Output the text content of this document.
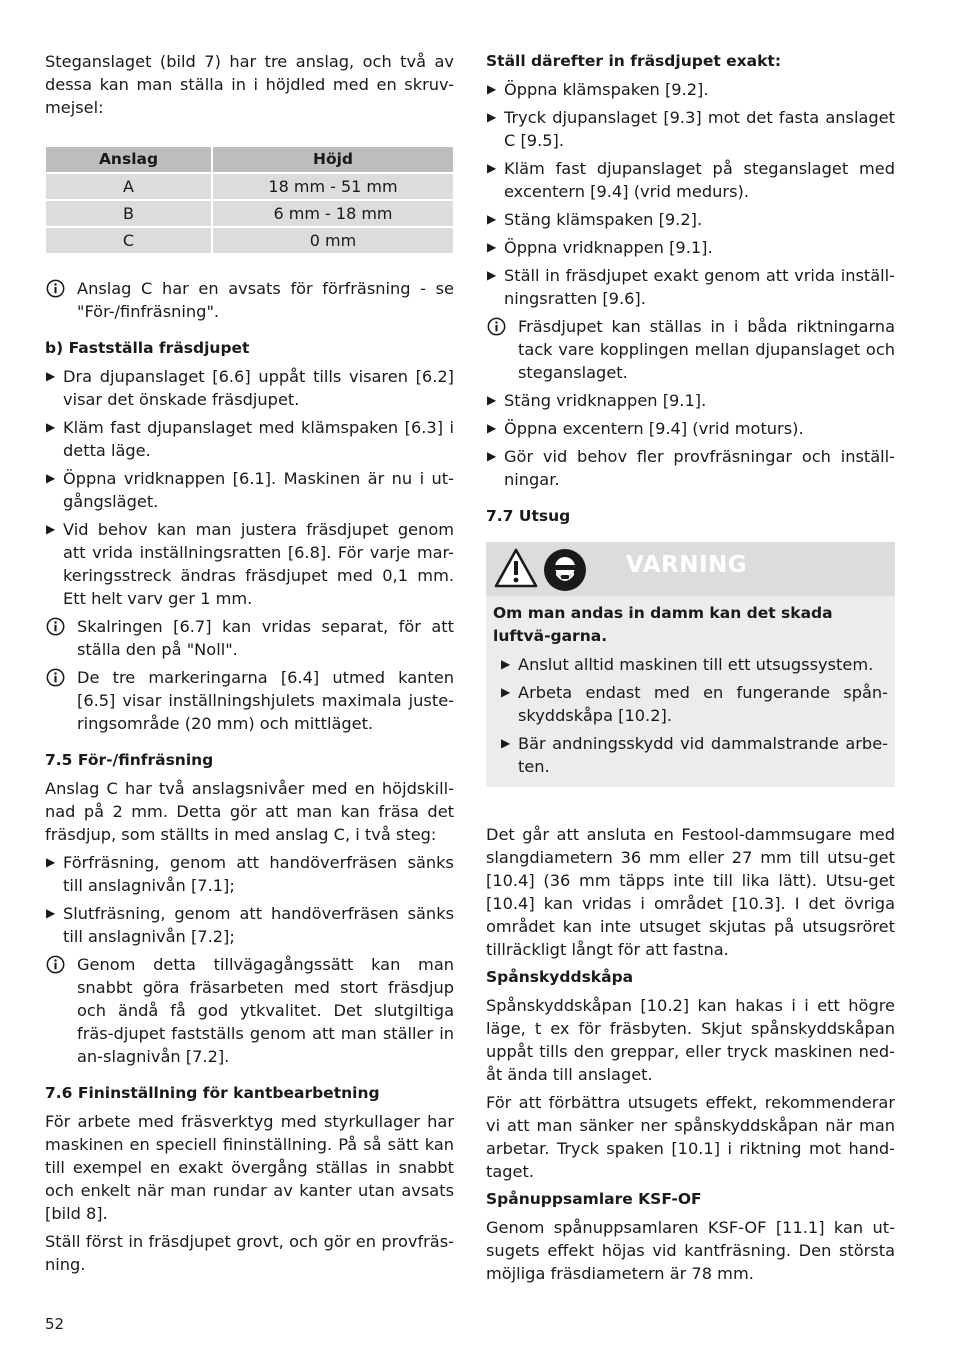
Steganslaget (bild 7) har tre anslag, och två av dessa kan man ställa in i höjdled med en skruv-mejsel:

Anslag	Höjd
A	18 mm - 51 mm
B	6 mm - 18 mm
C	0 mm
Anslag C har en avsats för förfräsning - se "För-/finfräsning".
b) Fastställa fräsdjupet
▶ Dra djupanslaget [6.6] uppåt tills visaren [6.2] visar det önskade fräsdjupet.
▶ Kläm fast djupanslaget med klämspaken [6.3] i detta läge.
▶ Öppna vridknappen [6.1]. Maskinen är nu i ut-gångsläget.
▶ Vid behov kan man justera fräsdjupet genom att vrida inställningsratten [6.8]. För varje mar-keringsstreck ändras fräsdjupet med 0,1 mm. Ett helt varv ger 1 mm.
Skalringen [6.7] kan vridas separat, för att ställa den på "Noll".
De tre markeringarna [6.4] utmed kanten [6.5] visar inställningshjulets maximala juste-ringsområde (20 mm) och mittläget.
7.5 För-/finfräsning

Anslag C har två anslagsnivåer med en höjdskill-nad på 2 mm. Detta gör att man kan fräsa det fräsdjup, som ställts in med anslag C, i två steg:

▶ Förfräsning, genom att handöverfräsen sänks till anslagnivån [7.1];
▶ Slutfräsning, genom att handöverfräsen sänks till anslagnivån [7.2];
Genom detta tillvägagångssätt kan man snabbt göra fräsarbeten med stort fräsdjup och ändå få god ytkvalitet. Det slutgiltiga fräs-djupet fastställs genom att man ställer in an-slagnivån [7.2].
7.6 Fininställning för kantbearbetning

För arbete med fräsverktyg med styrkullager har maskinen en speciell fininställning. På så sätt kan till exempel en exakt övergång ställas in snabbt och enkelt när man rundar av kanter utan avsats [bild 8].

Ställ först in fräsdjupet grovt, och gör en provfräs-ning.

Ställ därefter in fräsdjupet exakt:
▶ Öppna klämspaken [9.2].
▶ Tryck djupanslaget [9.3] mot det fasta anslaget C [9.5].
▶ Kläm fast djupanslaget på steganslaget med excentern [9.4] (vrid medurs).
▶ Stäng klämspaken [9.2].
▶ Öppna vridknappen [9.1].
▶ Ställ in fräsdjupet exakt genom att vrida inställ-ningsratten [9.6].
Fräsdjupet kan ställas in i båda riktningarna tack vare kopplingen mellan djupanslaget och steganslaget.
▶ Stäng vridknappen [9.1].
▶ Öppna excentern [9.4] (vrid moturs).
▶ Gör vid behov fler provfräsningar och inställ-ningar.
7.7 Utsug
VARNING
Om man andas in damm kan det skada luftvä-garna.
▶ Anslut alltid maskinen till ett utsugssystem.
▶ Arbeta endast med en fungerande spån-skyddskåpa [10.2].
▶ Bär andningsskydd vid dammalstrande arbe-ten.

Det går att ansluta en Festool-dammsugare med slangdiametern 36 mm eller 27 mm till utsu-get [10.4] (36 mm täpps inte till lika lätt). Utsu-get [10.4] kan vridas i området [10.3]. I det övriga området kan inte utsuget skjutas på utsugsröret tillräckligt långt för att fastna.

Spånskyddskåpa

Spånskyddskåpan [10.2] kan hakas i i ett högre läge, t ex för fräsbyten. Skjut spånskyddskåpan uppåt tills den greppar, eller tryck maskinen ned-åt ända till anslaget.

För att förbättra utsugets effekt, rekommenderar vi att man sänker ner spånskyddskåpan när man arbetar. Tryck spaken [10.1] i riktning mot hand-taget.

Spånuppsamlare KSF-OF

Genom spånuppsamlaren KSF-OF [11.1] kan ut-sugets effekt höjas vid kantfräsning. Den största möjliga fräsdiametern är 78 mm.

52
